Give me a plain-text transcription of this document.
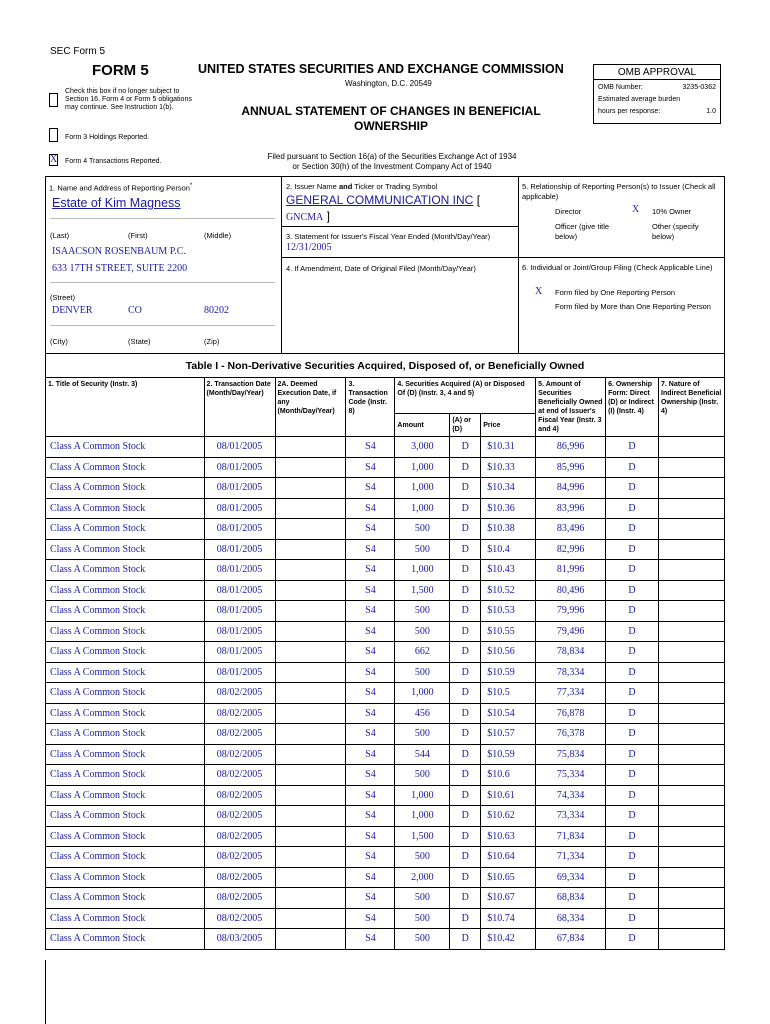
SEC Form 5
FORM 5	UNITED STATES SECURITIES AND EXCHANGE COMMISSION
Washington, D.C. 20549
ANNUAL STATEMENT OF CHANGES IN BENEFICIAL
OWNERSHIP
Filed pursuant to Section 16(a) of the Securities Exchange Act of 1934
or Section 30(h) of the Investment Company Act of 1940
Check this box if no longer subject to Section 16. Form 4 or Form 5 obligations may continue. See Instruction 1(b).
Form 3 Holdings Reported.
X Form 4 Transactions Reported.
OMB APPROVAL
OMB Number:	3235-0362
Estimated average burden
hours per response:	1.0
1. Name and Address of Reporting Person*
Estate of Kim Magness
(Last)	(First)	(Middle)
ISAACSON ROSENBAUM P.C.
633 17TH STREET, SUITE 2200
(Street)
DENVER	CO	80202
(City)	(State)	(Zip)
2. Issuer Name and Ticker or Trading Symbol
GENERAL COMMUNICATION INC [
GNCMA ]
3. Statement for Issuer's Fiscal Year Ended (Month/Day/Year)
12/31/2005
4. If Amendment, Date of Original Filed (Month/Day/Year)
5. Relationship of Reporting Person(s) to Issuer (Check all applicable)
Director	X 10% Owner
Officer (give title below)
Other (specify below)
6. Individual or Joint/Group Filing (Check Applicable Line)
X Form filed by One Reporting Person
Form filed by More than One Reporting Person
Table I - Non-Derivative Securities Acquired, Disposed of, or Beneficially Owned
1. Title of Security (Instr. 3)	2. Transaction Date (Month/Day/Year)	2A. Deemed Execution Date, if any (Month/Day/Year)	3. Transaction Code (Instr. 8)	4. Securities Acquired (A) or Disposed Of (D) (Instr. 3, 4 and 5)			5. Amount of Securities Beneficially Owned at end of Issuer's Fiscal Year (Instr. 3 and 4)	6. Ownership Form: Direct (D) or Indirect (I) (Instr. 4)	7. Nature of Indirect Beneficial Ownership (Instr. 4)
				Amount	(A) or (D)	Price			
Class A Common Stock	08/01/2005		S4	3,000	D	$10.31	86,996	D	
Class A Common Stock	08/01/2005		S4	1,000	D	$10.33	85,996	D	
Class A Common Stock	08/01/2005		S4	1,000	D	$10.34	84,996	D	
Class A Common Stock	08/01/2005		S4	1,000	D	$10.36	83,996	D	
Class A Common Stock	08/01/2005		S4	500	D	$10.38	83,496	D	
Class A Common Stock	08/01/2005		S4	500	D	$10.4	82,996	D	
Class A Common Stock	08/01/2005		S4	1,000	D	$10.43	81,996	D	
Class A Common Stock	08/01/2005		S4	1,500	D	$10.52	80,496	D	
Class A Common Stock	08/01/2005		S4	500	D	$10.53	79,996	D	
Class A Common Stock	08/01/2005		S4	500	D	$10.55	79,496	D	
Class A Common Stock	08/01/2005		S4	662	D	$10.56	78,834	D	
Class A Common Stock	08/01/2005		S4	500	D	$10.59	78,334	D	
Class A Common Stock	08/02/2005		S4	1,000	D	$10.5	77,334	D	
Class A Common Stock	08/02/2005		S4	456	D	$10.54	76,878	D	
Class A Common Stock	08/02/2005		S4	500	D	$10.57	76,378	D	
Class A Common Stock	08/02/2005		S4	544	D	$10.59	75,834	D	
Class A Common Stock	08/02/2005		S4	500	D	$10.6	75,334	D	
Class A Common Stock	08/02/2005		S4	1,000	D	$10.61	74,334	D	
Class A Common Stock	08/02/2005		S4	1,000	D	$10.62	73,334	D	
Class A Common Stock	08/02/2005		S4	1,500	D	$10.63	71,834	D	
Class A Common Stock	08/02/2005		S4	500	D	$10.64	71,334	D	
Class A Common Stock	08/02/2005		S4	2,000	D	$10.65	69,334	D	
Class A Common Stock	08/02/2005		S4	500	D	$10.67	68,834	D	
Class A Common Stock	08/02/2005		S4	500	D	$10.74	68,334	D	
Class A Common Stock	08/03/2005		S4	500	D	$10.42	67,834	D	
